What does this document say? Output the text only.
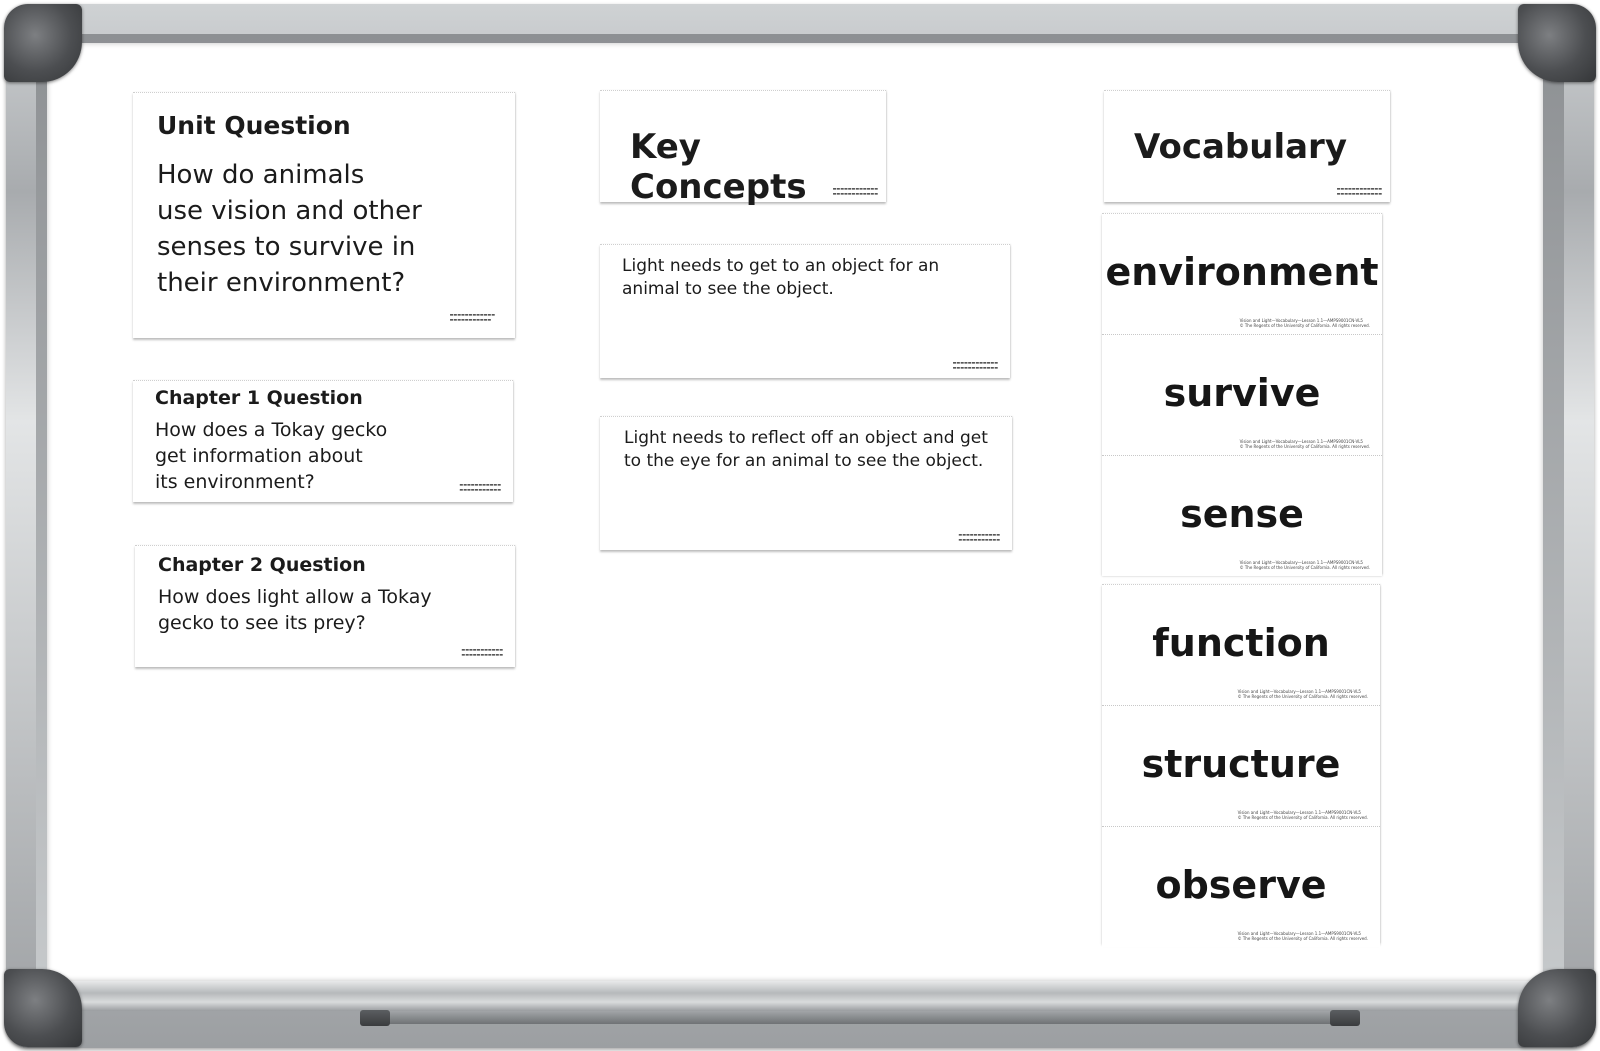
Unit Question
How do animals
use vision and other
senses to survive in
their environment?
▬▬▬▬▬▬▬▬▬▬▬▬
▬▬▬▬▬▬▬▬▬▬▬
Chapter 1 Question
How does a Tokay gecko
get information about
its environment?	▬▬▬▬▬▬▬▬▬▬▬
▬▬▬▬▬▬▬▬▬▬▬
Chapter 2 Question
How does light allow a Tokay
gecko to see its prey?
▬▬▬▬▬▬▬▬▬▬▬
▬▬▬▬▬▬▬▬▬▬▬
Key Concepts	▬▬▬▬▬▬▬▬▬▬▬▬
▬▬▬▬▬▬▬▬▬▬▬▬
Light needs to get to an object for an
animal to see the object.
▬▬▬▬▬▬▬▬▬▬▬▬
▬▬▬▬▬▬▬▬▬▬▬▬
Light needs to reflect off an object and get
to the eye for an animal to see the object.
▬▬▬▬▬▬▬▬▬▬▬
▬▬▬▬▬▬▬▬▬▬▬
Vocabulary
▬▬▬▬▬▬▬▬▬▬▬▬
▬▬▬▬▬▬▬▬▬▬▬▬
environment
Vision and Light—Vocabulary—Lesson 1.1—AMPS9001CN-VL5
© The Regents of the University of California. All rights reserved.
survive
Vision and Light—Vocabulary—Lesson 1.1—AMPS9001CN-VL5
© The Regents of the University of California. All rights reserved.
sense
Vision and Light—Vocabulary—Lesson 1.1—AMPS9001CN-VL5
© The Regents of the University of California. All rights reserved.
function
Vision and Light—Vocabulary—Lesson 1.1—AMPS9001CN-VL5
© The Regents of the University of California. All rights reserved.
structure
Vision and Light—Vocabulary—Lesson 1.1—AMPS9001CN-VL5
© The Regents of the University of California. All rights reserved.
observe
Vision and Light—Vocabulary—Lesson 1.1—AMPS9001CN-VL5
© The Regents of the University of California. All rights reserved.
